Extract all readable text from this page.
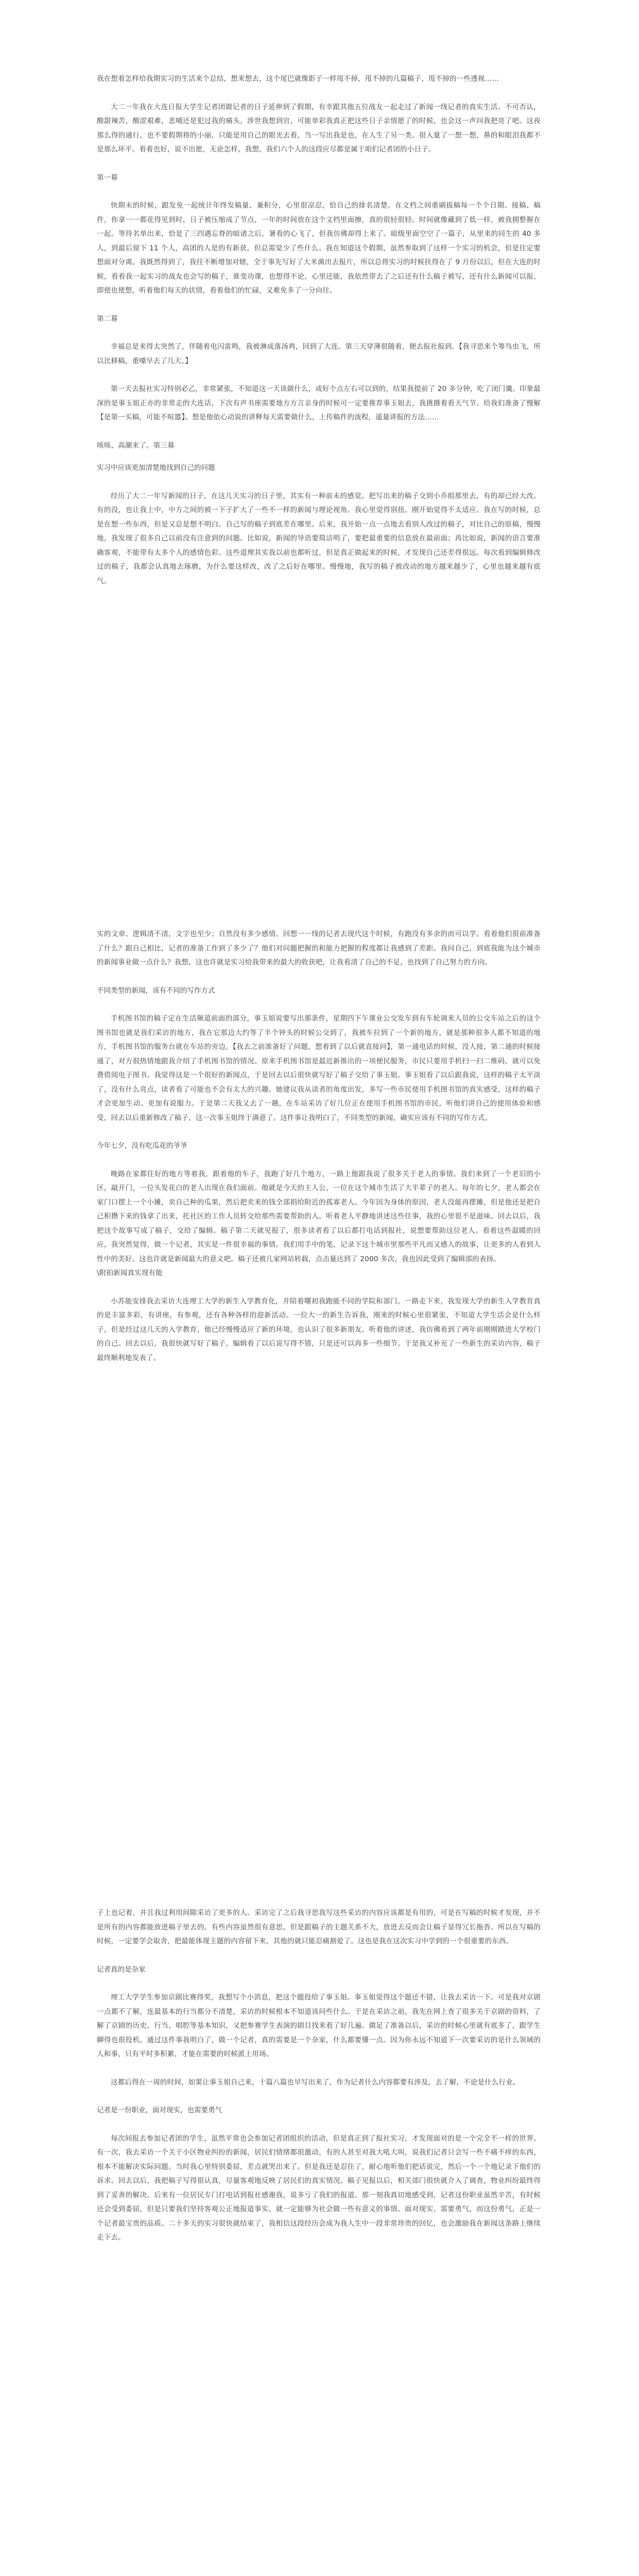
我在想着怎样给我期实习的生活来个总结，想来想去，这个尾巴就像影子一样甩不掉，甩不掉的几篇稿子，甩不掉的一些透视……

大二一年我在大连日报大学生记者团做记者的日子延伸到了假期，有幸跟其他五位战友一起走过了新闻一线记者的真实生活。不可否认，酸甜辣苦，酸涩艰难，悲哺还是犯过我的痛头，涉世我想到官，可能单彩我真正把这些日子亲情愿了的时候，也会这一声问我把亮了吧。这夜那么得的通行，也不要假期将的小丽，只能是用自己的眼光去看，当一写出我是也，在人生了另一类。很入量了一想一想，鼻的和眼泪我都不是那么坏平。看着也好，说不出愿，无论怎样，我想，我们六个人的这段应尽都是属于咱们记者团的小日子。

第一幕

快期末的时候，跟发免一起统计年终发稿量、兼积分，心里很凉忍，恰自己的排名清楚。在文档之间重刷拔稿每一个个日期、接稿、稿件，你拿一一都花得见到时，日子被压缩成了节点，一年的时间放在这个文档里面擦，真的很轻很轻。时间就像藏到了低一样，被我拥整握在一起。等待名单出来，恰是了三四遇忘脊的暗诸之后，暑看的心飞了，但我仿佛却得上来了。暗级里面空空了一篇子，从里来的同生的 40 多人，到最后留下 11 个人，高团的人是的有新获，但总需觉少了些什么。我在知道这个假期，虽然参取到了这样一个实习的机会，但是往定要想面对分离。我既然得到了，我往不断增加对辖，全于事先写好了大米菌出去报片，所以总将实习的时候扶得在了 9 月份以后，但在大连的时候，看看我一起实习的战友也会写的稿子，谁变功课，也想得不论，心里还能，我依然带去了之后还有什么稿子被写，还有什么新闻可以报，即使也使想，听着他们每天的状情，看着他们的忙碌，又难免多了一分向往。

第二幕

幸福总是来得太突然了，伴随着电闪雷鸣，我被淋成落汤鸡，回到了大连。第三天穿薄很随着，便去报社报到。【我寻思来个筹鸟虫飞，所以比移稿，重嗓早去了几天。】

第一天去报社实习特别必乙，非常紧张，不知道这一天该做什么，或好个点左右可以到的，结果我提前了 20 多分钟，吃了闭门羹。印象最深的是事玉姐正亦的非常走的大连话，下次有声书座需要地方方言亲身的时候可一定要推荐事玉姐去，我挑摄着看天气节。给我们准备了慢解【是第一买稿，可能不喧嚣】。想是他依心动说的讲释每天需要做什么，上传稿件的流程，遥量讲报的方法……

咳咳、高潮来了。第三幕

实习中应该更加清楚地找到自己的问题

经历了大二一年写新闻的日子，在这几天实习的日子里，其实有一种前未的感觉。把写出来的稿子交到小乔组那里去，有的却已经大改。有的没，也让我上中，中方之间的被一下子扩大了一些不一样的新闻与理论视角。我心里觉得别扭。刚开始觉得不太适应。我在写的时候，总是在想一些东西，但是又总是想不明白。自己写的稿子到底差在哪里。后来，我开始一点一点地去看别人改过的稿子，对比自己的原稿，慢慢地，我发现了很多自己以前没有注意到的问题。比如说，新闻的导语要简洁明了，要把最重要的信息放在最前面；再比如说，新闻的语言要准确客观，不能带有太多个人的感情色彩。这些道理其实我以前也都听过，但是真正做起来的时候，才发现自己还差得很远。每次看到编辑修改过的稿子，我都会认真地去琢磨，为什么要这样改，改了之后好在哪里。慢慢地，我写的稿子被改动的地方越来越少了，心里也越来越有底气。

实的文章、逻辑清不清，文字也至少；自然没有多少感情。回想一一线的记者去现代这个时候，有跑没有多余的而可以学。看着他们很前准备了什么？跟自己相比，记者的准备工作到了多少了？他们对问题把握的和能力把握的程度都让我感到了差距。我问自己，到底我能为这个城市的新闻事业做一点什么？我想，这也许就是实习给我带来的最大的收获吧，让我看清了自己的不足，也找到了自己努力的方向。

不同类型的新闻，该有不同的写作方式

手机图书馆的稿子定在生活频道前面的部分，事玉姐说要写出那条件，星期四下午课业公交发车到有车轮调来人员的公交车站之后的这个图书馆也就是我们采访的地方，我在它那边大约等了半个钟头的时候公交到了，我被车拉到了一个新的地方，就是那种很多人都不知道的地方，手机图书馆的服务台就在车站的旁边。【我去之前准备好了问题，想着到了以后就直接问】，第一通电话的时候，没人接，第二通的时候接通了，对方很热情地跟我介绍了手机图书馆的情况。原来手机图书馆是最近新推出的一项便民服务，市民只要用手机扫一扫二维码，就可以免费借阅电子图书。我觉得这是一个很好的新闻点，于是回去以后很快就写好了稿子交给了事玉姐。事玉姐看了以后跟我说，这样的稿子太平淡了，没有什么亮点，读者看了可能也不会有太大的兴趣。她建议我从读者的角度出发，多写一些市民使用手机图书馆的真实感受，这样的稿子才会更加生动、更加有说服力。于是第二天我又去了一趟，在车站采访了好几位正在使用手机图书馆的市民，听他们讲自己的使用体验和感受，回去以后重新修改了稿子，这一次事玉姐终于满意了。这件事让我明白了，不同类型的新闻，确实应该有不同的写作方式。

今年七夕，没有吃瓜花的爷爷

晚路在家都住好的地方等着我，跟着他的车子，我跑了好几个地方，一路上他跟我说了很多关于老人的事情。我们来到了一个老旧的小区，敲开门，一位头发花白的老人出现在我们面前。他就是今天的主人公，一位在这个城市生活了大半辈子的老人。每年的七夕，老人都会在家门口摆上一个小摊，卖自己种的瓜果，然后把卖来的钱全部捐给附近的孤寡老人。今年因为身体的原因，老人没能再摆摊，但是他还是把自己积攒下来的钱拿了出来，托社区的工作人员转交给那些需要帮助的人。听着老人平静地讲述这些往事，我的心里很不是滋味。回去以后，我把这个故事写成了稿子，交给了编辑。稿子第二天就见报了，很多读者看了以后都打电话到报社，说想要帮助这位老人。看着这些温暖的回应，我突然觉得，做一个记者，其实是一件很幸福的事情。我们用手中的笔，记录下这个城市里那些平凡而又感人的故事，让更多的人看到人性中的美好。这也许就是新闻最大的意义吧。稿子还被几家网站转载，点击量达到了 2000 多次，我也因此受到了编辑部的表扬。

\附拍新闻真实现有能

小苏能安排我去采访大连理工大学的新生入学教育化，并陪着曙初我跑能不同的学院和部门。一路走下来，我发现大学的新生入学教育真的是丰富多彩，有讲座，有参观，还有各种各样的迎新活动。一位大一的新生告诉我，刚来的时候心里很紧张，不知道大学生活会是什么样子，但是经过这几天的入学教育，他已经慢慢适应了新的环境，也认识了很多新朋友。听着他的讲述，我仿佛看到了两年前刚刚踏进大学校门的自己。回去以后，我很快就写好了稿子，编辑看了以后说写得不错，只是还可以再多一些细节。于是我又补充了一些新生的采访内容，稿子最终顺利地发表了。

子上也记着，并且我过利用间隙采访了更多的人。采访完了之后我寻思我写这些采访的内容应该都是有用的，可是在写稿的时候才发现，并不是所有的内容都能放进稿子里去的。有些内容虽然很有意思，但是跟稿子的主题关系不大，放进去反而会让稿子显得冗长拖沓。所以在写稿的时候，一定要学会取舍，把最能体现主题的内容留下来，其他的就只能忍痛割爱了。这也是我在这次实习中学到的一个很重要的东西。

记者真的是杂家

理工大学学生参加京剧比赛得奖，我想写个小消息，把这个题投给了事玉姐。事玉姐觉得这个题还不错，让我去采访一下。可是我对京剧一点都不了解，连最基本的行当都分不清楚，采访的时候根本不知道该问些什么。于是在采访之前，我先在网上查了很多关于京剧的资料，了解了京剧的历史、行当、唱腔等基本知识，又把参赛学生表演的剧目找来看了好几遍。做足了准备以后，采访的时候心里就有底多了，跟学生聊得也很投机。通过这件事我明白了，做一个记者，真的需要是一个杂家，什么都要懂一点。因为你永远不知道下一次要采访的是什么领域的人和事，只有平时多积累，才能在需要的时候派上用场。

这都后得在一周的时间，如果让事玉姐自己来，十篇八篇也早写出来了，作为记者什么内容都要有涉及，去了解，不论是什么行业。

记者是一份职业，面对现实，也需要勇气

每次间报去参加记者团的学生，虽然平常也会参加记者团组织的活动，但是真正到了报社实习，才发现面对的是一个完全不一样的世界。有一次，我去采访一个关于小区物业纠纷的新闻，居民们情绪都很激动，有的人甚至对我大吼大叫，说我们记者只会写一些不痛不痒的东西，根本不能解决实际问题。当时我心里特别委屈，差点就哭出来了。但是我还是忍住了，耐心地听他们把话说完，然后一个一个地记录下他们的诉求。回去以后，我把稿子写得很认真，尽量客观地反映了居民们的真实情况。稿子见报以后，相关部门很快就介入了调查，物业纠纷最终得到了妥善的解决。后来有一位居民专门打电话到报社感谢我，说多亏了我们的报道。那一刻我真切地感受到，记者这份职业虽然辛苦，有时候还会受到委屈，但是只要我们坚持客观公正地报道事实，就一定能够为社会做一些有意义的事情。面对现实，需要勇气，而这份勇气，正是一个记者最宝贵的品质。二十多天的实习很快就结束了，我相信这段经历会成为我人生中一段非常珍贵的回忆，也会激励我在新闻这条路上继续走下去。
